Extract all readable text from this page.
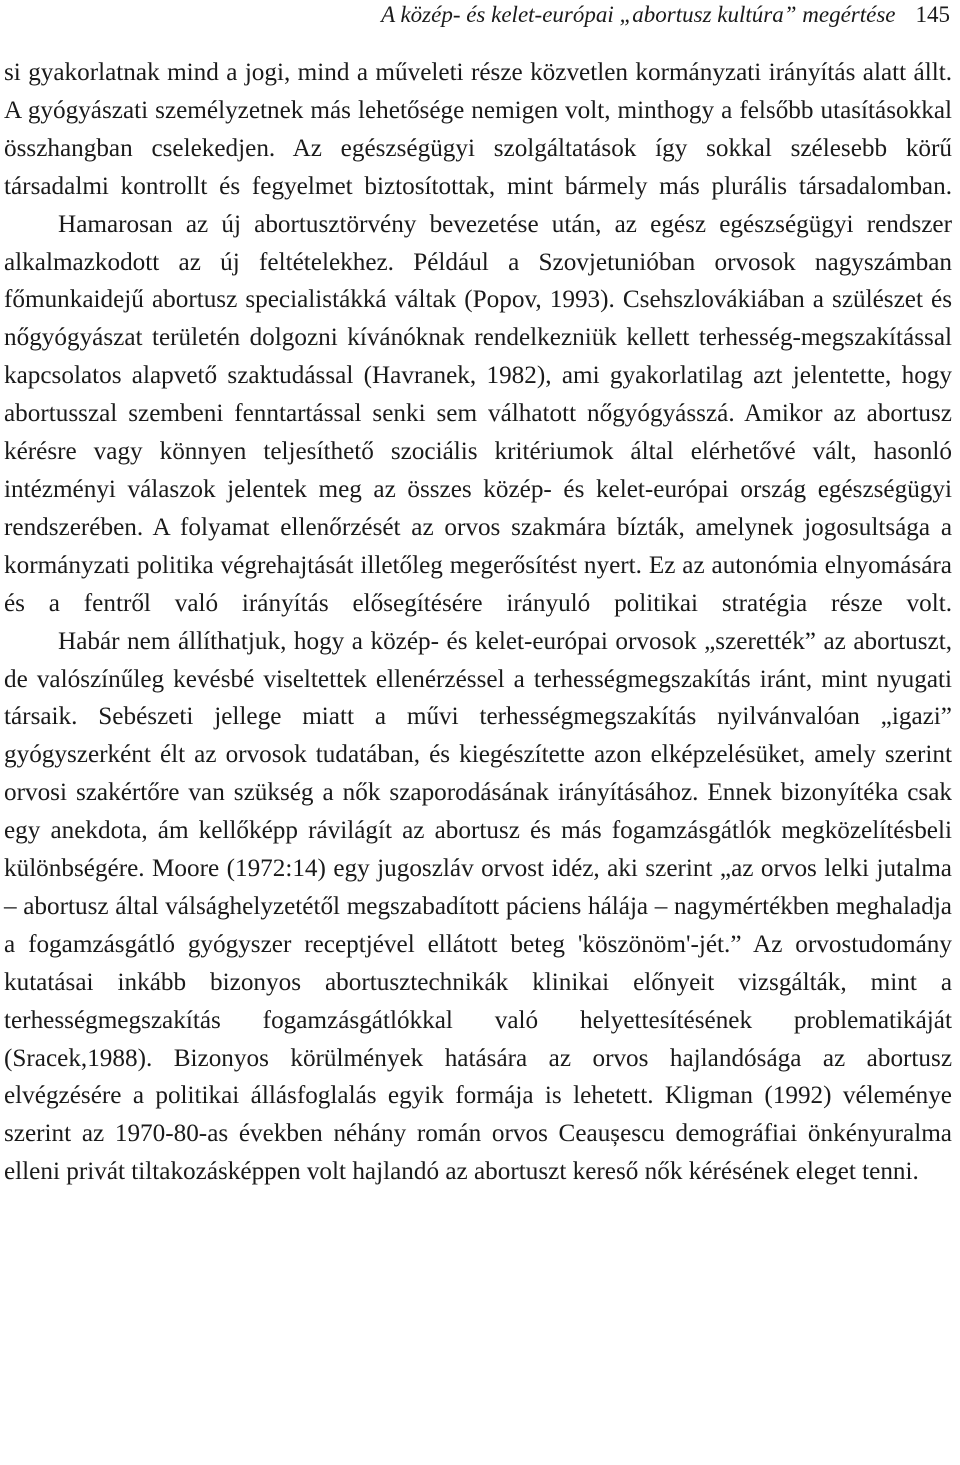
A közép- és kelet-európai „abortusz kultúra” megértése 145

si gyakorlatnak mind a jogi, mind a műveleti része közvetlen kormányzati irányítás alatt állt. A gyógyászati személyzetnek más lehetősége nemigen volt, minthogy a felsőbb utasításokkal összhangban cselekedjen. Az egészségügyi szolgáltatások így sokkal szélesebb körű társadalmi kontrollt és fegyelmet biztosítottak, mint bármely más plurális társadalomban.

Hamarosan az új abortusztörvény bevezetése után, az egész egészségügyi rendszer alkalmazkodott az új feltételekhez. Például a Szovjetunióban orvosok nagyszámban főmunkaidejű abortusz specialistákká váltak (Popov, 1993). Csehszlovákiában a szülészet és nőgyógyászat területén dolgozni kívánóknak rendelkezniük kellett terhesség-megszakítással kapcsolatos alapvető szaktudással (Havranek, 1982), ami gyakorlatilag azt jelentette, hogy abortusszal szembeni fenntartással senki sem válhatott nőgyógyásszá. Amikor az abortusz kérésre vagy könnyen teljesíthető szociális kritériumok által elérhetővé vált, hasonló intézményi válaszok jelentek meg az összes közép- és kelet-európai ország egészségügyi rendszerében. A folyamat ellenőrzését az orvos szakmára bízták, amelynek jogosultsága a kormányzati politika végrehajtását illetőleg megerősítést nyert. Ez az autonómia elnyomására és a fentről való irányítás elősegítésére irányuló politikai stratégia része volt.

Habár nem állíthatjuk, hogy a közép- és kelet-európai orvosok „szerették” az abortuszt, de valószínűleg kevésbé viseltettek ellenérzéssel a terhességmegszakítás iránt, mint nyugati társaik. Sebészeti jellege miatt a művi terhességmegszakítás nyilvánvalóan „igazi” gyógyszerként élt az orvosok tudatában, és kiegészítette azon elképzelésüket, amely szerint orvosi szakértőre van szükség a nők szaporodásának irányításához. Ennek bizonyítéka csak egy anekdota, ám kellőképp rávilágít az abortusz és más fogamzásgátlók megközelítésbeli különbségére. Moore (1972:14) egy jugoszláv orvost idéz, aki szerint „az orvos lelki jutalma – abortusz által válsághelyzetétől megszabadított páciens hálája – nagymértékben meghaladja a fogamzásgátló gyógyszer receptjével ellátott beteg 'köszönöm'-jét.” Az orvostudomány kutatásai inkább bizonyos abortusztechnikák klinikai előnyeit vizsgálták, mint a terhességmegszakítás fogamzásgátlókkal való helyettesítésének problematikáját (Sracek,1988). Bizonyos körülmények hatására az orvos hajlandósága az abortusz elvégzésére a politikai állásfoglalás egyik formája is lehetett. Kligman (1992) véleménye szerint az 1970-80-as években néhány román orvos Ceaușescu demográfiai önkényuralma elleni privát tiltakozásképpen volt hajlandó az abortuszt kereső nők kérésének eleget tenni.
